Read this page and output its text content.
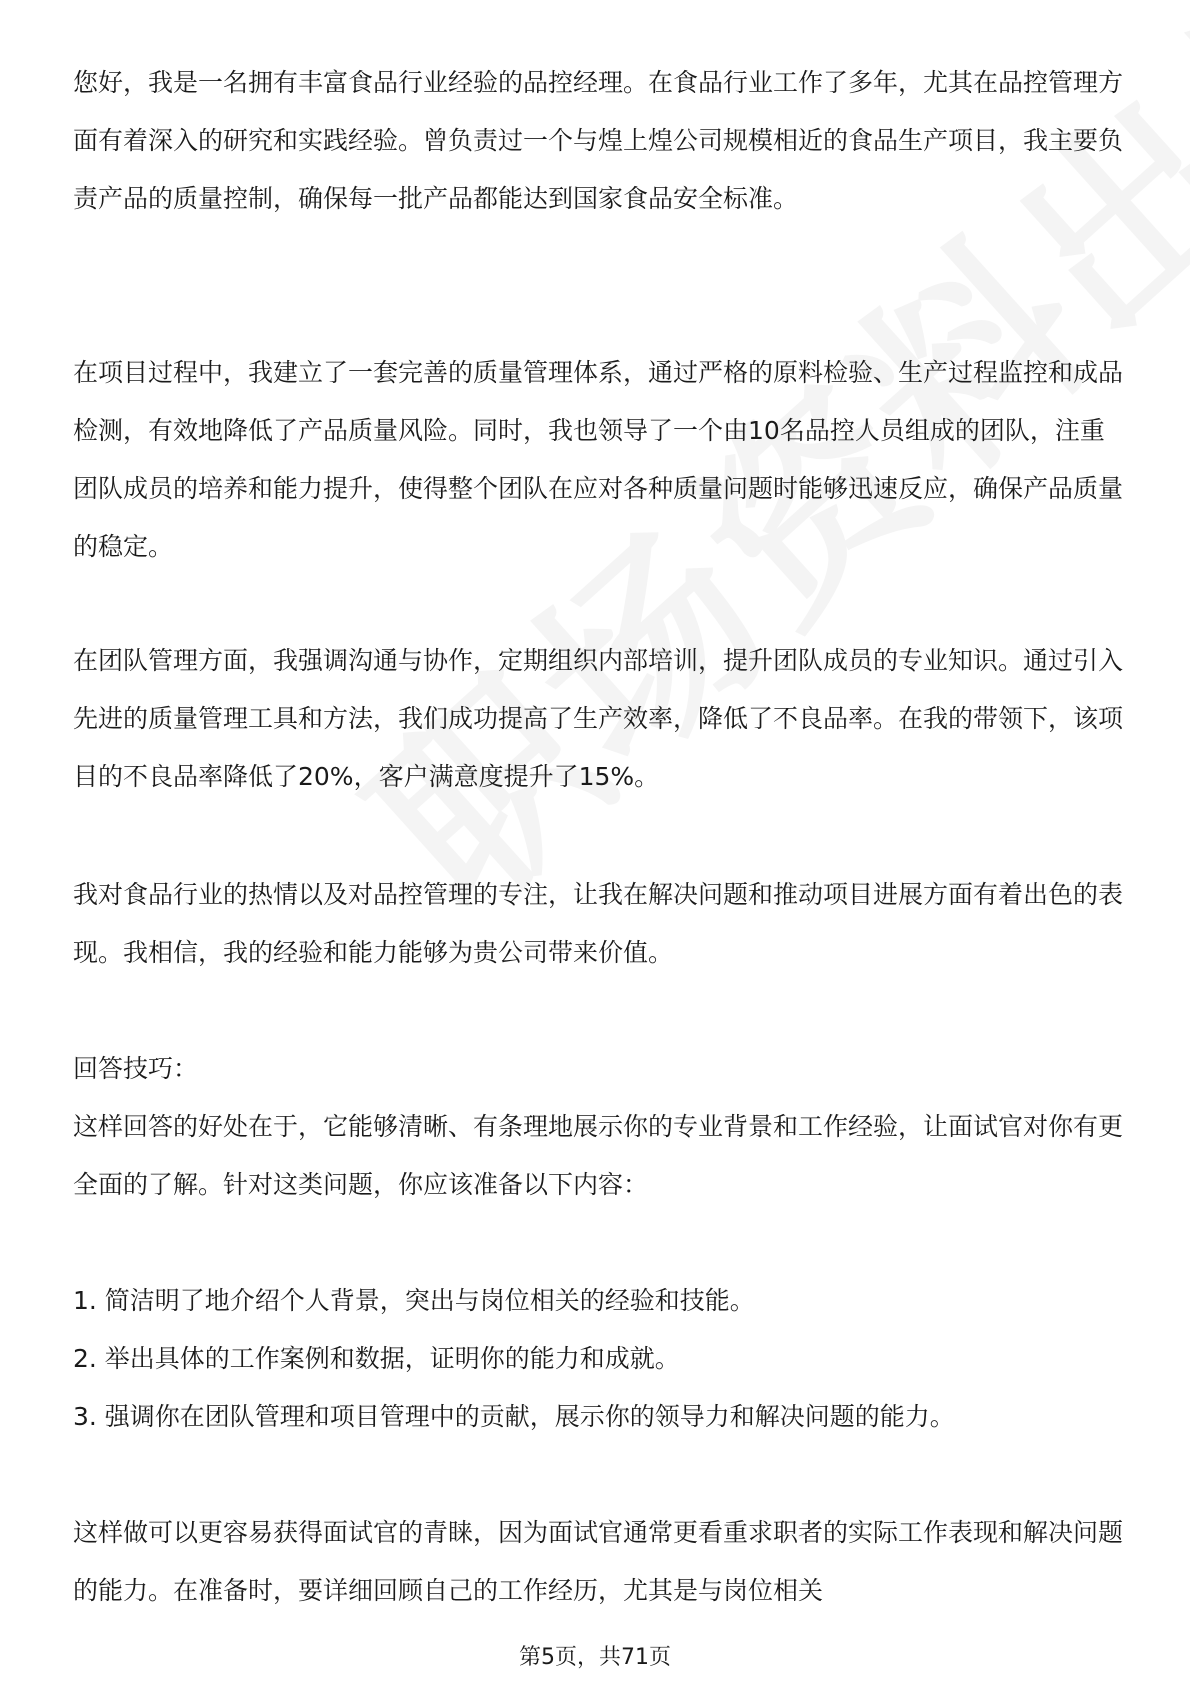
您好，我是一名拥有丰富食品行业经验的品控经理。在食品行业工作了多年，尤其在品控管理方面有着深入的研究和实践经验。曾负责过一个与煌上煌公司规模相近的食品生产项目，我主要负责产品的质量控制，确保每一批产品都能达到国家食品安全标准。

在项目过程中，我建立了一套完善的质量管理体系，通过严格的原料检验、生产过程监控和成品检测，有效地降低了产品质量风险。同时，我也领导了一个由10名品控人员组成的团队，注重团队成员的培养和能力提升，使得整个团队在应对各种质量问题时能够迅速反应，确保产品质量的稳定。

在团队管理方面，我强调沟通与协作，定期组织内部培训，提升团队成员的专业知识。通过引入先进的质量管理工具和方法，我们成功提高了生产效率，降低了不良品率。在我的带领下，该项目的不良品率降低了20%，客户满意度提升了15%。

我对食品行业的热情以及对品控管理的专注，让我在解决问题和推动项目进展方面有着出色的表现。我相信，我的经验和能力能够为贵公司带来价值。

回答技巧：

这样回答的好处在于，它能够清晰、有条理地展示你的专业背景和工作经验，让面试官对你有更全面的了解。针对这类问题，你应该准备以下内容：

1. 简洁明了地介绍个人背景，突出与岗位相关的经验和技能。
2. 举出具体的工作案例和数据，证明你的能力和成就。
3. 强调你在团队管理和项目管理中的贡献，展示你的领导力和解决问题的能力。

这样做可以更容易获得面试官的青睐，因为面试官通常更看重求职者的实际工作表现和解决问题的能力。在准备时，要详细回顾自己的工作经历，尤其是与岗位相关

第5页，共71页
